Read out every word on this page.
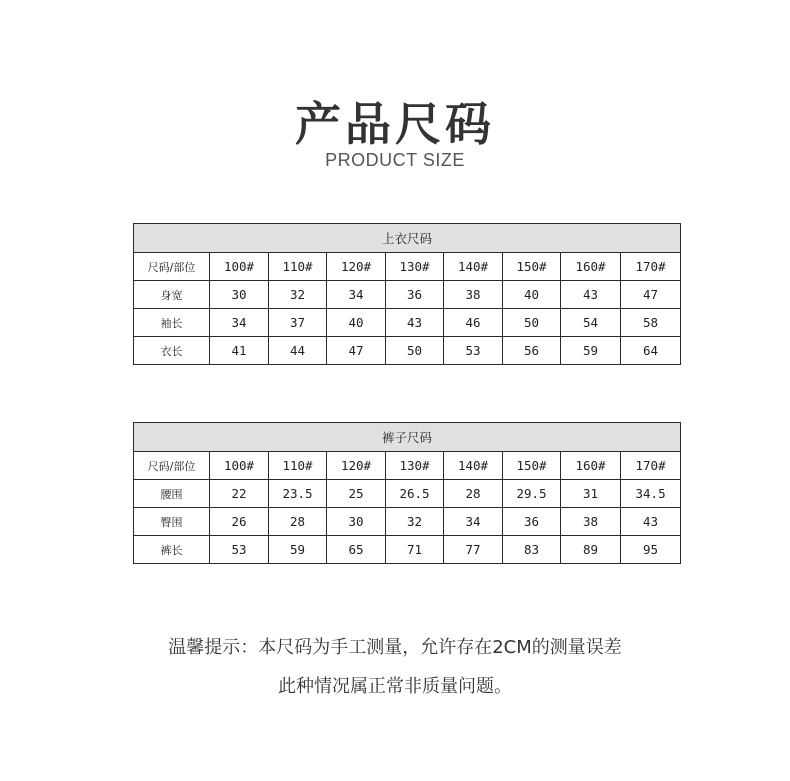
产品尺码
PRODUCT SIZE
上衣尺码								
尺码/部位	100#	110#	120#	130#	140#	150#	160#	170#
身宽	30	32	34	36	38	40	43	47
袖长	34	37	40	43	46	50	54	58
衣长	41	44	47	50	53	56	59	64
裤子尺码								
尺码/部位	100#	110#	120#	130#	140#	150#	160#	170#
腰围	22	23.5	25	26.5	28	29.5	31	34.5
臀围	26	28	30	32	34	36	38	43
裤长	53	59	65	71	77	83	89	95
温馨提示：本尺码为手工测量，允许存在2CM的测量误差
此种情况属正常非质量问题。
